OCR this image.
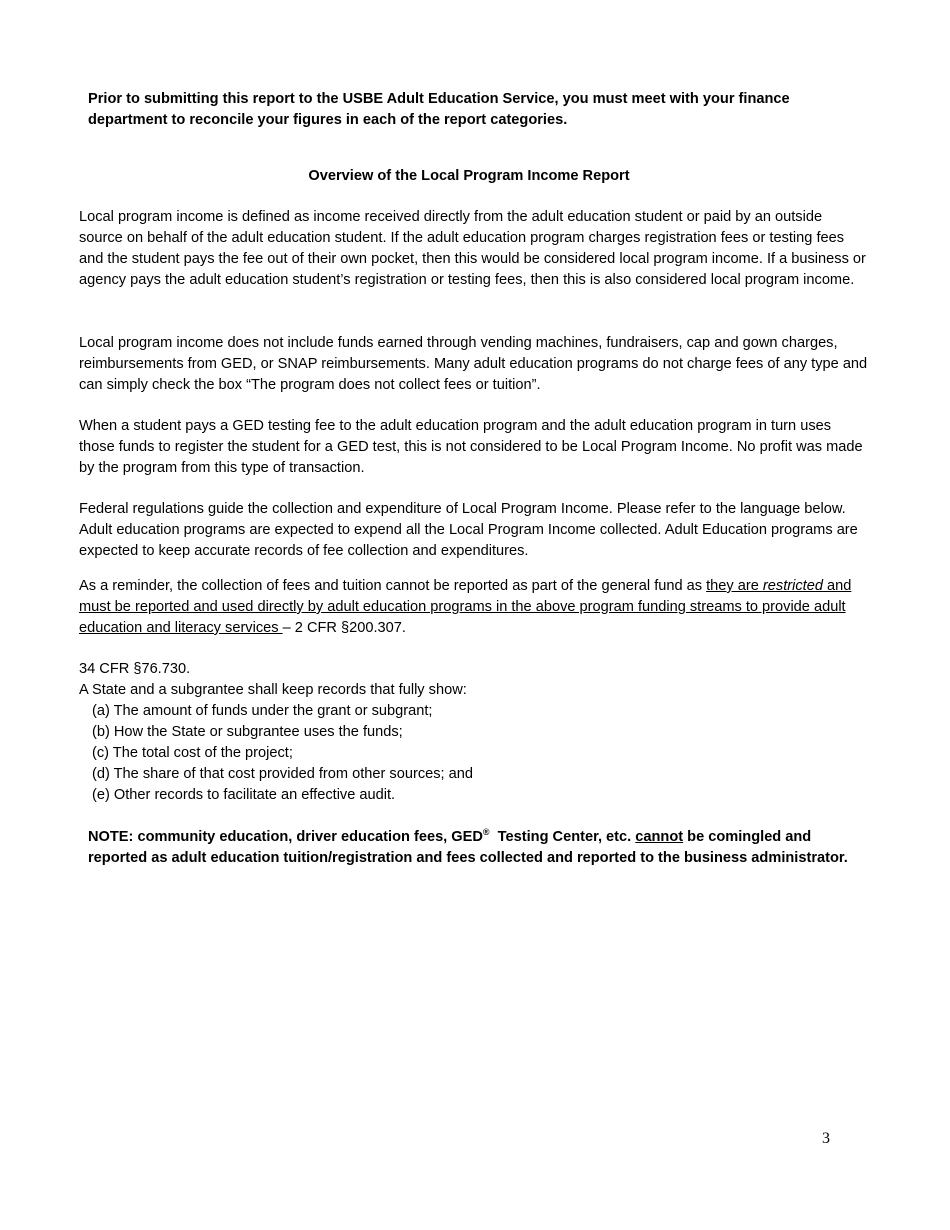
Prior to submitting this report to the USBE Adult Education Service, you must meet with your finance department to reconcile your figures in each of the report categories.

Overview of the Local Program Income Report

Local program income is defined as income received directly from the adult education student or paid by an outside source on behalf of the adult education student. If the adult education program charges registration fees or testing fees and the student pays the fee out of their own pocket, then this would be considered local program income. If a business or agency pays the adult education student’s registration or testing fees, then this is also considered local program income.

Local program income does not include funds earned through vending machines, fundraisers, cap and gown charges, reimbursements from GED, or SNAP reimbursements. Many adult education programs do not charge fees of any type and can simply check the box “The program does not collect fees or tuition”.

When a student pays a GED testing fee to the adult education program and the adult education program in turn uses those funds to register the student for a GED test, this is not considered to be Local Program Income. No profit was made by the program from this type of transaction.

Federal regulations guide the collection and expenditure of Local Program Income. Please refer to the language below. Adult education programs are expected to expend all the Local Program Income collected. Adult Education programs are expected to keep accurate records of fee collection and expenditures.

As a reminder, the collection of fees and tuition cannot be reported as part of the general fund as they are restricted and must be reported and used directly by adult education programs in the above program funding streams to provide adult education and literacy services – 2 CFR §200.307.

34 CFR §76.730.
A State and a subgrantee shall keep records that fully show:
(a) The amount of funds under the grant or subgrant;
(b) How the State or subgrantee uses the funds;
(c) The total cost of the project;
(d) The share of that cost provided from other sources; and
(e) Other records to facilitate an effective audit.

NOTE: community education, driver education fees, GED®  Testing Center, etc. cannot be comingled and reported as adult education tuition/registration and fees collected and reported to the business administrator.

3
